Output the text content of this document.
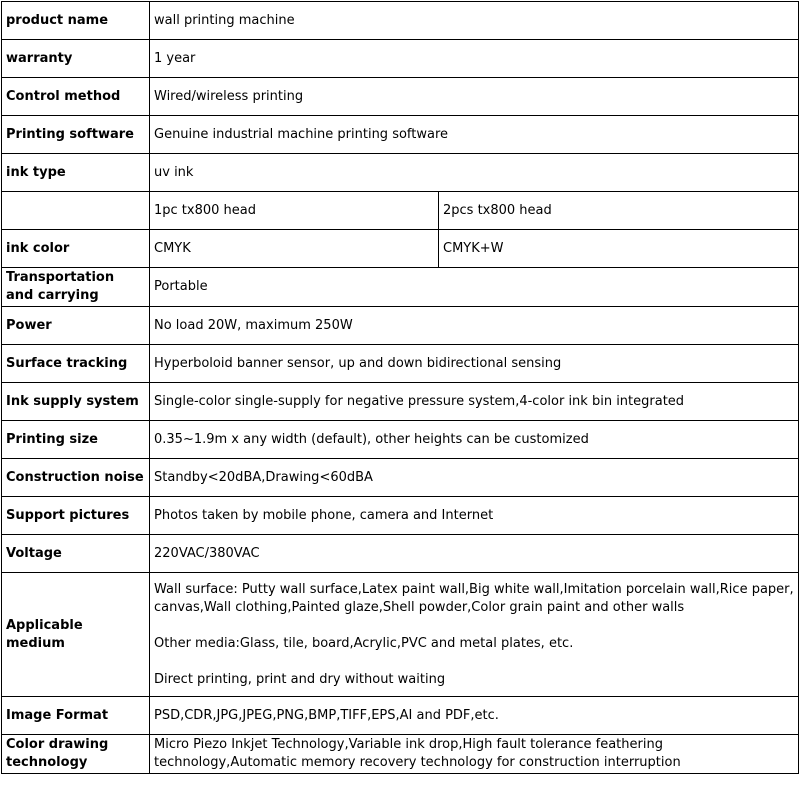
product name	wall printing machine	
warranty	1 year	
Control method	Wired/wireless printing	
Printing software	Genuine industrial machine printing software	
ink type	uv ink	
	1pc tx800 head	2pcs tx800 head
ink color	CMYK	CMYK+W
Transportation and carrying	Portable	
Power	No load 20W, maximum 250W	
Surface tracking	Hyperboloid banner sensor, up and down bidirectional sensing	
Ink supply system	Single-color single-supply for negative pressure system,4-color ink bin integrated	
Printing size	0.35~1.9m x any width (default), other heights can be customized	
Construction noise	Standby<20dBA,Drawing<60dBA	
Support pictures	Photos taken by mobile phone, camera and Internet	
Voltage	220VAC/380VAC	
Applicable medium	Wall surface: Putty wall surface,Latex paint wall,Big white wall,Imitation porcelain wall,Rice paper, canvas,Wall clothing,Painted glaze,Shell powder,Color grain paint and other walls

Other media:Glass, tile, board,Acrylic,PVC and metal plates, etc.

Direct printing, print and dry without waiting	

Image Format	PSD,CDR,JPG,JPEG,PNG,BMP,TIFF,EPS,AI and PDF,etc.	
Color drawing technology	Micro Piezo Inkjet Technology,Variable ink drop,High fault tolerance feathering technology,Automatic memory recovery technology for construction interruption	
